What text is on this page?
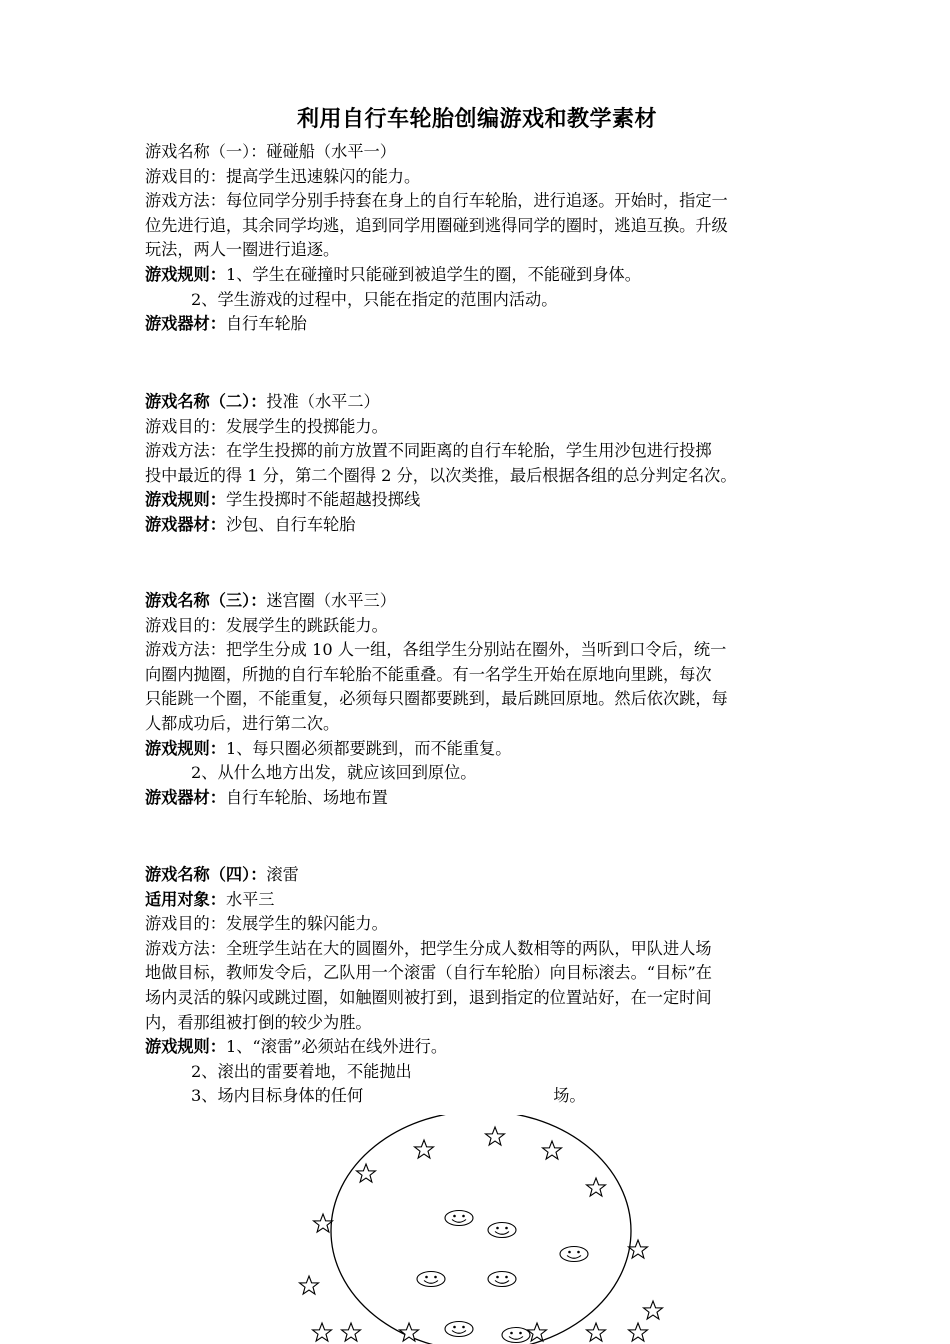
利用自行车轮胎创编游戏和教学素材
游戏名称（一）：碰碰船（水平一）
游戏目的：提高学生迅速躲闪的能力。
游戏方法：每位同学分别手持套在身上的自行车轮胎，进行追逐。开始时，指定一
位先进行追，其余同学均逃，追到同学用圈碰到逃得同学的圈时，逃追互换。升级
玩法，两人一圈进行追逐。
游戏规则：1、学生在碰撞时只能碰到被追学生的圈，不能碰到身体。
2、学生游戏的过程中，只能在指定的范围内活动。
游戏器材：自行车轮胎
游戏名称（二）：投准（水平二）
游戏目的：发展学生的投掷能力。
游戏方法：在学生投掷的前方放置不同距离的自行车轮胎，学生用沙包进行投掷
投中最近的得 1 分，第二个圈得 2 分，以次类推，最后根据各组的总分判定名次。
游戏规则：学生投掷时不能超越投掷线
游戏器材：沙包、自行车轮胎
游戏名称（三）：迷宫圈（水平三）
游戏目的：发展学生的跳跃能力。
游戏方法：把学生分成 10 人一组，各组学生分别站在圈外，当听到口令后，统一
向圈内抛圈，所抛的自行车轮胎不能重叠。有一名学生开始在原地向里跳，每次
只能跳一个圈，不能重复，必须每只圈都要跳到，最后跳回原地。然后依次跳，每
人都成功后，进行第二次。
游戏规则：1、每只圈必须都要跳到，而不能重复。
2、从什么地方出发，就应该回到原位。
游戏器材：自行车轮胎、场地布置
游戏名称（四）：滚雷
适用对象：水平三
游戏目的：发展学生的躲闪能力。
游戏方法：全班学生站在大的圆圈外，把学生分成人数相等的两队，甲队进人场
地做目标，教师发令后，乙队用一个滚雷（自行车轮胎）向目标滚去。“目标”在
场内灵活的躲闪或跳过圈，如触圈则被打到，退到指定的位置站好，在一定时间
内，看那组被打倒的较少为胜。
游戏规则：1、“滚雷”必须站在线外进行。
2、滚出的雷要着地，不能抛出
3、场内目标身体的任何	场。
